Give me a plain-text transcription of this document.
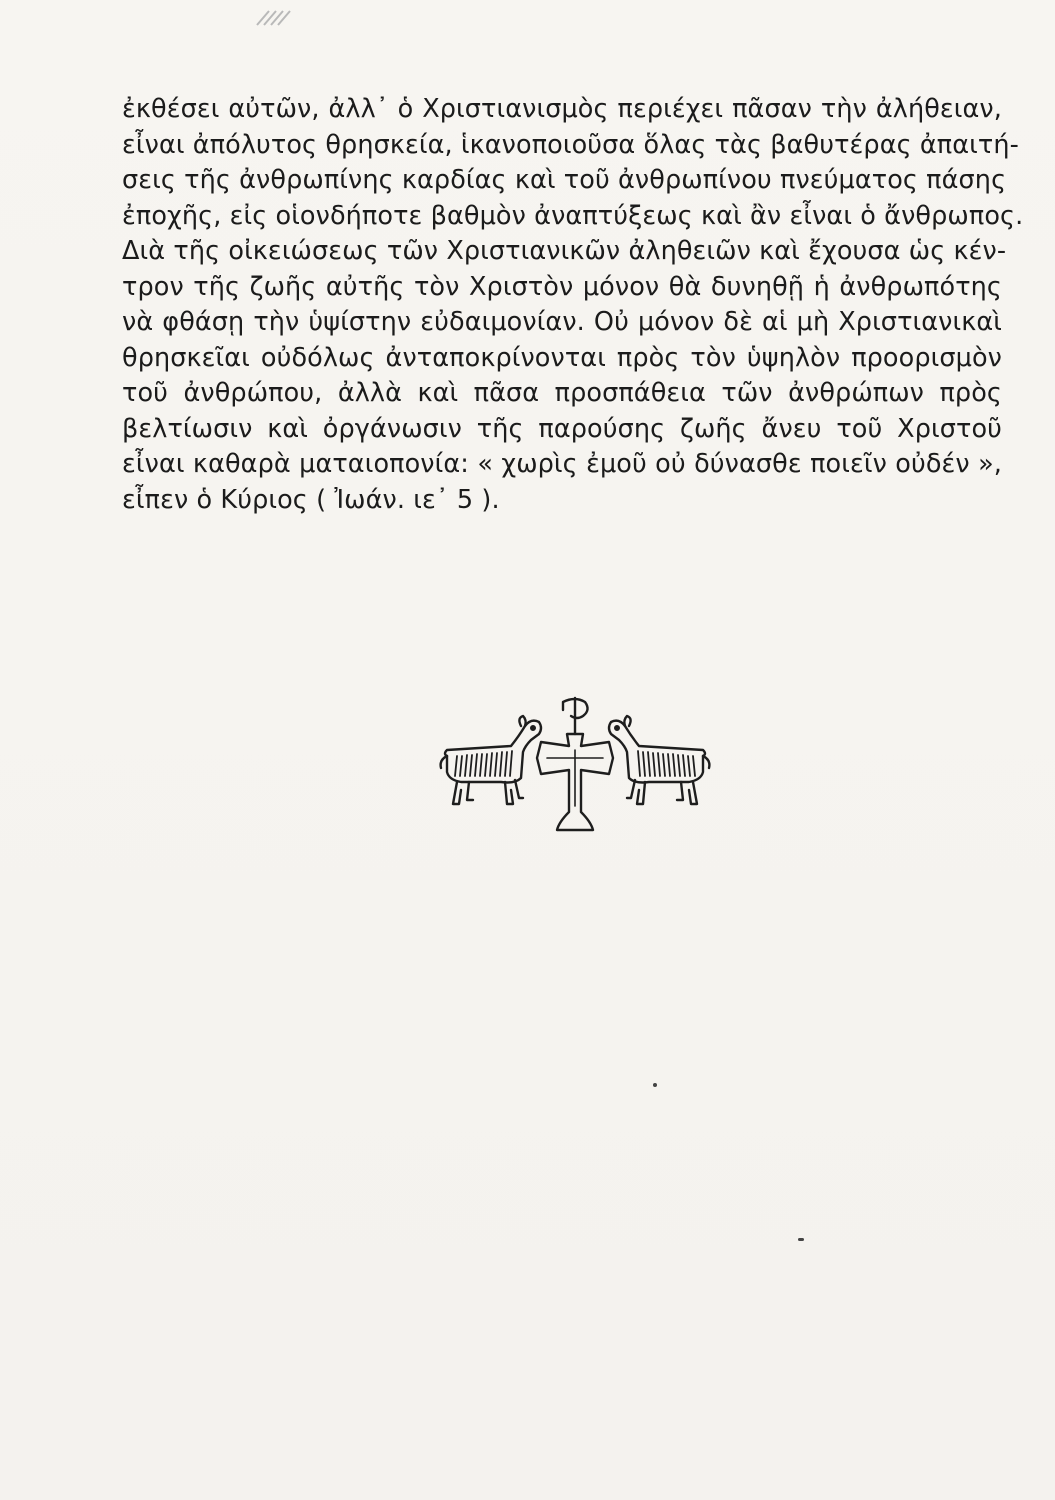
ἐκθέσει αὐτῶν, ἀλλ᾽ ὁ Χριστιανισμὸς περιέχει πᾶσαν τὴν ἀλήθειαν,
εἶναι ἀπόλυτος θρησκεία, ἱκανοποιοῦσα ὅλας τὰς βαθυτέρας ἀπαιτή-
σεις τῆς ἀνθρωπίνης καρδίας καὶ τοῦ ἀνθρωπίνου πνεύματος πάσης
ἐποχῆς, εἰς οἱονδήποτε βαθμὸν ἀναπτύξεως καὶ ἂν εἶναι ὁ ἄνθρωπος.
Διὰ τῆς οἰκειώσεως τῶν Χριστιανικῶν ἀληθειῶν καὶ ἔχουσα ὡς κέν-
τρον τῆς ζωῆς αὐτῆς τὸν Χριστὸν μόνον θὰ δυνηθῇ ἡ ἀνθρωπότης
νὰ φθάσῃ τὴν ὑψίστην εὐδαιμονίαν. Οὐ μόνον δὲ αἱ μὴ Χριστιανικαὶ
θρησκεῖαι οὐδόλως ἀνταποκρίνονται πρὸς τὸν ὑψηλὸν προορισμὸν
τοῦ ἀνθρώπου, ἀλλὰ καὶ πᾶσα προσπάθεια τῶν ἀνθρώπων πρὸς
βελτίωσιν καὶ ὀργάνωσιν τῆς παρούσης ζωῆς ἄνευ τοῦ Χριστοῦ
εἶναι καθαρὰ ματαιοπονία: « χωρὶς ἐμοῦ οὐ δύνασθε ποιεῖν οὐδέν »,
εἶπεν ὁ Κύριος ( Ἰωάν. ιε᾽ 5 ).
